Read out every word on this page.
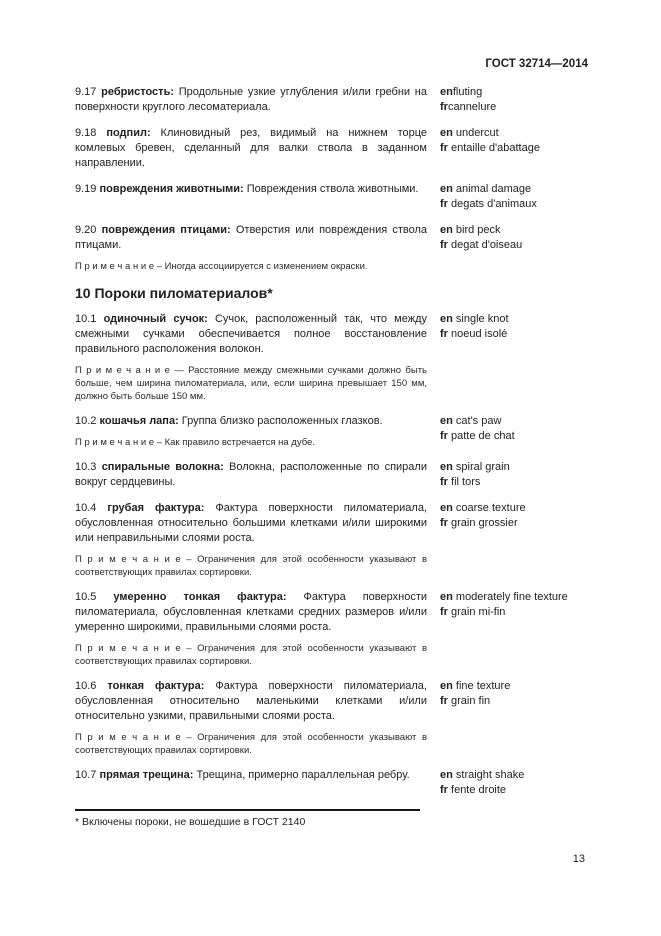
ГОСТ 32714—2014

9.17 ребристость: Продольные узкие углубления и/или гребни на поверхности круглого лесоматериала.

enfluting

frcannelure

9.18 подпил: Клиновидный рез, видимый на нижнем торце комлевых бревен, сделанный для валки ствола в заданном направлении.

en undercut

fr entaille d'abattage

9.19 повреждения животными: Повреждения ствола животными.	en animal damage

fr degats d'animaux

9.20 повреждения птицами: Отверстия или повреждения ствола птицами.

П р и м е ч а н и е – Иногда ассоциируется с изменением окраски.

en bird peck

fr degat d'oiseau

10 Пороки пиломатериалов*

10.1 одиночный сучок: Сучок, расположенный так, что между смежными сучками обеспечивается полное восстановление правильного расположения волокон.

П р и м е ч а н и е — Расстояние между смежными сучками должно быть больше, чем ширина пиломатериала, или, если ширина превышает 150 мм, должно быть больше 150 мм.

en single knot

fr noeud isolé

10.2 кошачья лапа: Группа близко расположенных глазков.

П р и м е ч а н и е – Как правило встречается на дубе.

en cat's paw

fr patte de chat

10.3 спиральные волокна: Волокна, расположенные по спирали вокруг сердцевины.

en spiral grain

fr fil tors

10.4 грубая фактура: Фактура поверхности пиломатериала, обусловленная относительно большими клетками и/или широкими или неправильными слоями роста.

П р и м е ч а н и е – Ограничения для этой особенности указывают в соответствующих правилах сортировки.

en coarse texture

fr grain grossier

10.5 умеренно тонкая фактура: Фактура поверхности пиломатериала, обусловленная клетками средних размеров и/или умеренно широкими, правильными слоями роста.

П р и м е ч а н и е – Ограничения для этой особенности указывают в соответствующих правилах сортировки.

en moderately fine texture

fr grain mi-fin

10.6 тонкая фактура: Фактура поверхности пиломатериала, обусловленная относительно маленькими клетками и/или относительно узкими, правильными слоями роста.

П р и м е ч а н и е – Ограничения для этой особенности указывают в соответствующих правилах сортировки.

en fine texture

fr grain fin

10.7 прямая трещина: Трещина, примерно параллельная ребру.	en straight shake

fr fente droite

* Включены пороки, не вошедшие в ГОСТ 2140

13
